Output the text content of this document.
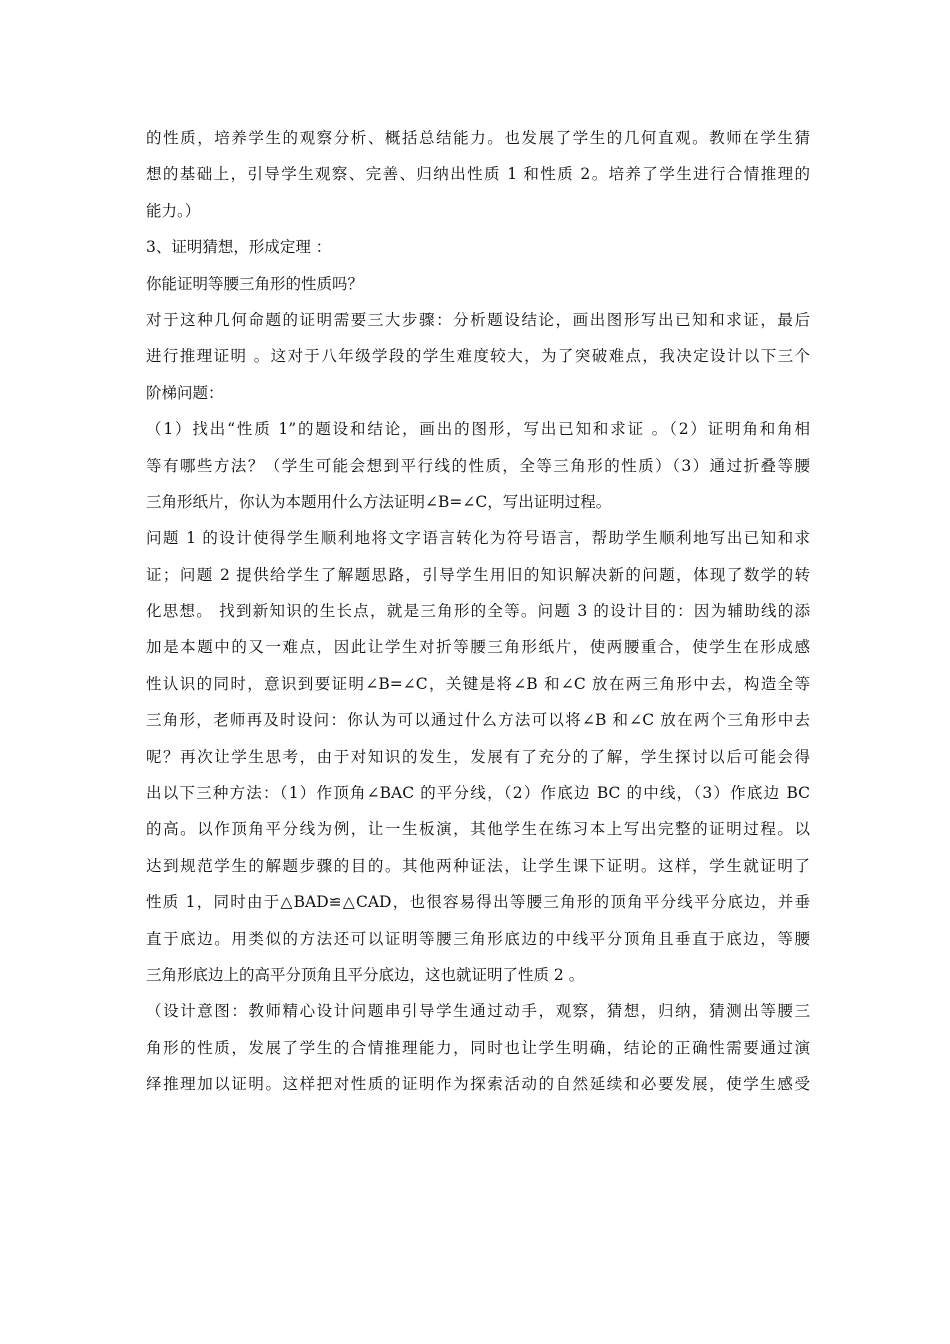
的性质，培养学生的观察分析、概括总结能力。也发展了学生的几何直观。教师在学生猜
想的基础上，引导学生观察、完善、归纳出性质 1 和性质 2。培养了学生进行合情推理的
能力。）
3、证明猜想，形成定理 ：
你能证明等腰三角形的性质吗？
对于这种几何命题的证明需要三大步骤：分析题设结论，画出图形写出已知和求证，最后
进行推理证明 。这对于八年级学段的学生难度较大，为了突破难点，我决定设计以下三个
阶梯问题：
（1）找出“性质 1”的题设和结论，画出的图形，写出已知和求证 。（2）证明角和角相
等有哪些方法？（学生可能会想到平行线的性质，全等三角形的性质）（3）通过折叠等腰
三角形纸片，你认为本题用什么方法证明∠B=∠C，写出证明过程。
问题 1 的设计使得学生顺利地将文字语言转化为符号语言，帮助学生顺利地写出已知和求
证；问题 2 提供给学生了解题思路，引导学生用旧的知识解决新的问题，体现了数学的转
化思想。 找到新知识的生长点，就是三角形的全等。问题 3 的设计目的：因为辅助线的添
加是本题中的又一难点，因此让学生对折等腰三角形纸片，使两腰重合，使学生在形成感
性认识的同时，意识到要证明∠B=∠C，关键是将∠B 和∠C 放在两三角形中去，构造全等
三角形，老师再及时设问：你认为可以通过什么方法可以将∠B 和∠C 放在两个三角形中去
呢？再次让学生思考，由于对知识的发生，发展有了充分的了解，学生探讨以后可能会得
出以下三种方法：（1）作顶角∠BAC 的平分线，（2）作底边 BC 的中线，（3）作底边 BC
的高。以作顶角平分线为例，让一生板演，其他学生在练习本上写出完整的证明过程。以
达到规范学生的解题步骤的目的。其他两种证法，让学生课下证明。这样，学生就证明了
性质 1，同时由于△BAD≌△CAD，也很容易得出等腰三角形的顶角平分线平分底边，并垂
直于底边。用类似的方法还可以证明等腰三角形底边的中线平分顶角且垂直于底边，等腰
三角形底边上的高平分顶角且平分底边，这也就证明了性质 2 。
（设计意图：教师精心设计问题串引导学生通过动手，观察，猜想，归纳，猜测出等腰三
角形的性质，发展了学生的合情推理能力，同时也让学生明确，结论的正确性需要通过演
绎推理加以证明。这样把对性质的证明作为探索活动的自然延续和必要发展，使学生感受
